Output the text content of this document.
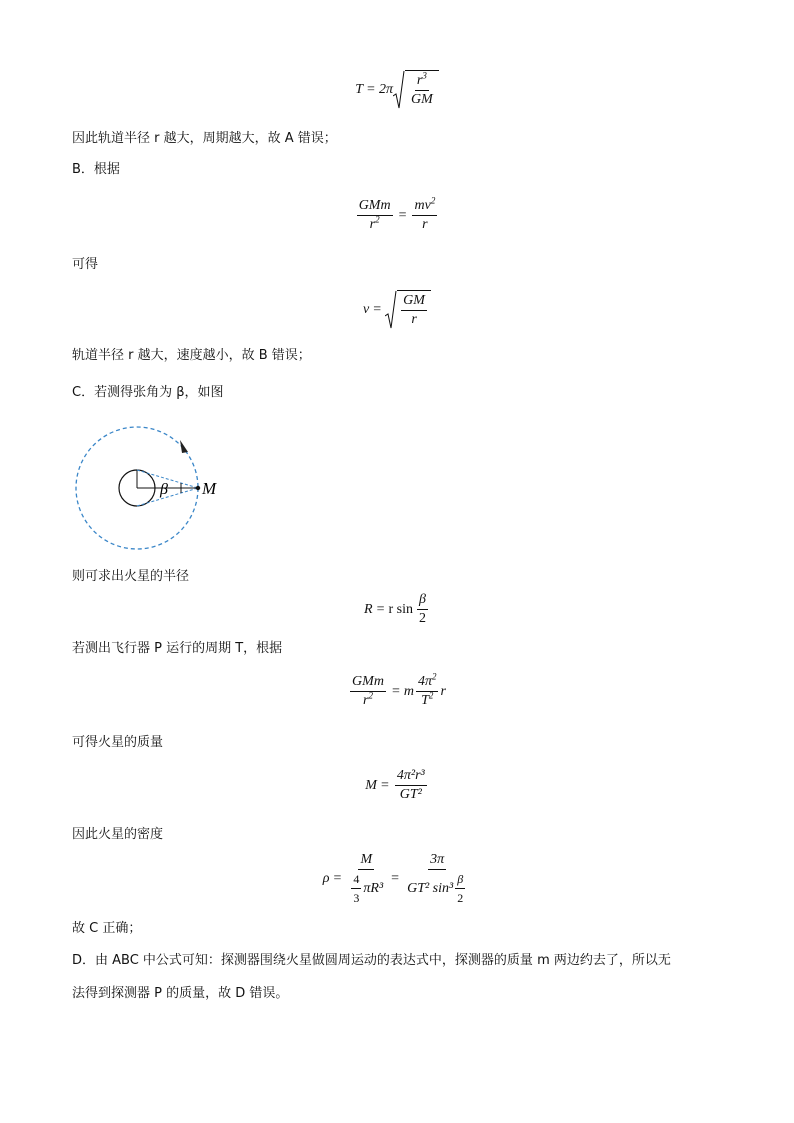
$T = 2\pi \frac{r^3}{GM}$
因此轨道半径 r 越大，周期越大，故 A 错误；
B．根据
$\frac{\text{GMm}}{r^2} = \frac{mv^2}{r}$
可得
$v = \frac{GM}{r}$
轨道半径 r 越大，速度越小，故 B 错误；
C．若测得张角为 β，如图
β M
则可求出火星的半径
R = r $\sin \frac{\beta}{2}$
若测出飞行器 P 运行的周期 T，根据
$\frac{\text{GMm}}{r^2} = m \frac{4\pi^2}{T^2}$ r
可得火星的质量
$M = \frac{\text{4π²r³}}{\text{GT²}}$
因此火星的密度
$\rho = \frac{M}{\frac{4}{3} \pi R^3} = \frac{3\pi}{GT^2 \sin^3 \frac{\beta}{2}}$
故 C 正确；
D．由 ABC 中公式可知：探测器围绕火星做圆周运动的表达式中，探测器的质量 m 两边约去了，所以无
法得到探测器 P 的质量，故 D 错误。
